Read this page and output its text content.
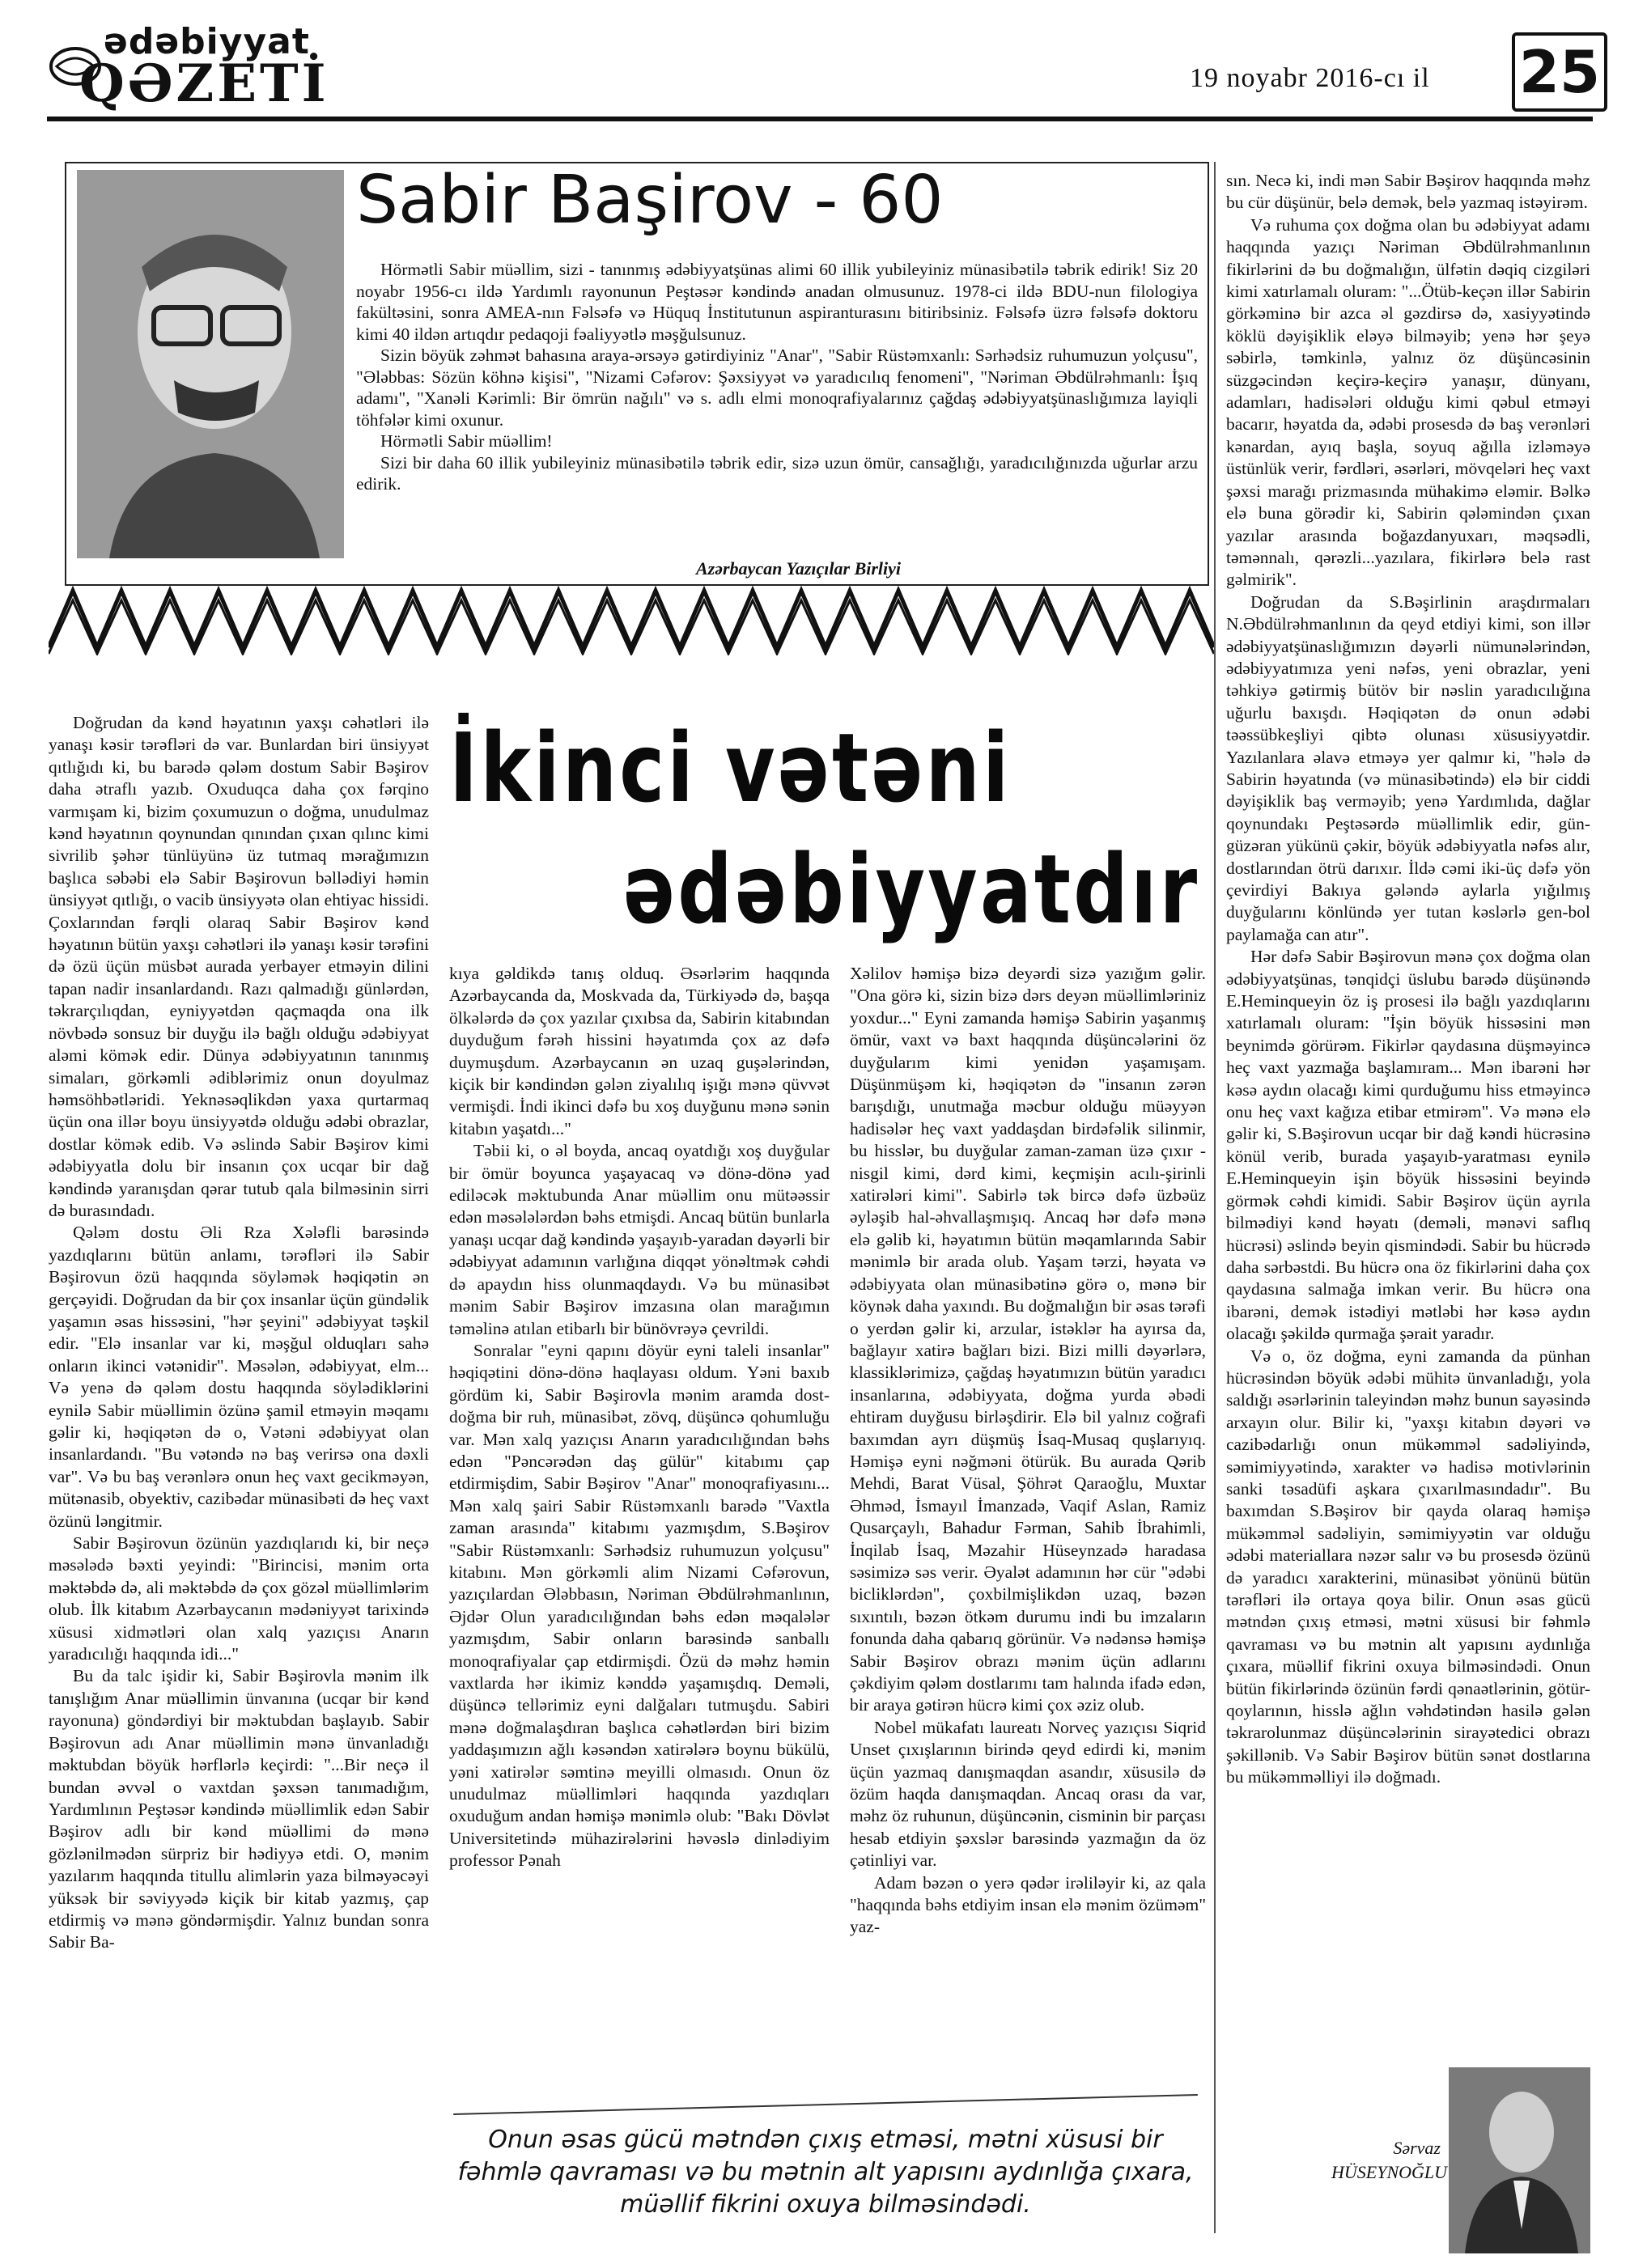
ədəbiyyat
QƏZETİ	19 noyabr 2016-cı il 25
Sabir Başirov - 60

Hörmətli Sabir müəllim, sizi - tanınmış ədəbiyyatşünas alimi 60 illik yubileyiniz münasibətilə təbrik edirik! Siz 20 noyabr 1956-cı ildə Yardımlı rayonunun Peştəsər kəndində anadan olmusunuz. 1978-ci ildə BDU-nun filologiya fakültəsini, sonra AMEA-nın Fəlsəfə və Hüquq İnstitutunun aspiranturasını bitiribsiniz. Fəlsəfə üzrə fəlsəfə doktoru kimi 40 ildən artıqdır pedaqoji fəaliyyətlə məşğulsunuz.

Sizin böyük zəhmət bahasına araya-ərsəyə gətirdiyiniz "Anar", "Sabir Rüstəmxanlı: Sərhədsiz ruhumuzun yolçusu", "Ələbbas: Sözün köhnə kişisi", "Nizami Cəfərov: Şəxsiyyət və yaradıcılıq fenomeni", "Nəriman Əbdülrəhmanlı: İşıq adamı", "Xanəli Kərimli: Bir ömrün nağılı" və s. adlı elmi monoqrafiyalarınız çağdaş ədəbiyyatşünaslığımıza layiqli töhfələr kimi oxunur.

Hörmətli Sabir müəllim!

Sizi bir daha 60 illik yubileyiniz münasibətilə təbrik edir, sizə uzun ömür, cansağlığı, yaradıcılığınızda uğurlar arzu edirik.

Azərbaycan Yazıçılar Birliyi
İkinci vətəni
ədəbiyyatdır

Doğrudan da kənd həyatının yaxşı cəhətləri ilə yanaşı kəsir tərəfləri də var. Bunlardan biri ünsiyyət qıtlığıdı ki, bu barədə qələm dostum Sabir Bəşirov daha ətraflı yazıb. Oxuduqca daha çox fərqino varmışam ki, bizim çoxumuzun o doğma, unudulmaz kənd həyatının qoynundan qınından çıxan qılınc kimi sivrilib şəhər tünlüyünə üz tutmaq mərağımızın başlıca səbəbi elə Sabir Bəşirovun bəllədiyi həmin ünsiyyət qıtlığı, o vacib ünsiyyətə olan ehtiyac hissidi. Çoxlarından fərqli olaraq Sabir Bəşirov kənd həyatının bütün yaxşı cəhətləri ilə yanaşı kəsir tərəfini də özü üçün müsbət aurada yerbayer etməyin dilini tapan nadir insanlardandı. Razı qalmadığı günlərdən, təkrarçılıqdan, eyniyyətdən qaçmaqda ona ilk növbədə sonsuz bir duyğu ilə bağlı olduğu ədəbiyyat aləmi kömək edir. Dünya ədəbiyyatının tanınmış simaları, görkəmli ədiblərimiz onun doyulmaz həmsöhbətləridi. Yeknəsəqlikdən yaxa qurtarmaq üçün ona illər boyu ünsiyyətdə olduğu ədəbi obrazlar, dostlar kömək edib. Və əslində Sabir Bəşirov kimi ədəbiyyatla dolu bir insanın çox ucqar bir dağ kəndində yaranışdan qərar tutub qala bilməsinin sirri də burasındadı.

Qələm dostu Əli Rza Xələfli barəsində yazdıqlarını bütün anlamı, tərəfləri ilə Sabir Bəşirovun özü haqqında söyləmək həqiqətin ən gerçəyidi. Doğrudan da bir çox insanlar üçün gündəlik yaşamın əsas hissəsini, "hər şeyini" ədəbiyyat təşkil edir. "Elə insanlar var ki, məşğul olduqları sahə onların ikinci vətənidir". Məsələn, ədəbiyyat, elm... Və yenə də qələm dostu haqqında söylədiklərini eynilə Sabir müəllimin özünə şamil etməyin məqamı gəlir ki, həqiqətən də o, Vətəni ədəbiyyat olan insanlardandı. "Bu vətəndə nə baş verirsə ona dəxli var". Və bu baş verənlərə onun heç vaxt gecikməyən, mütənasib, obyektiv, cazibədar münasibəti də heç vaxt özünü ləngitmir.

Sabir Bəşirovun özünün yazdıqlarıdı ki, bir neçə məsələdə bəxti yeyindi: "Birincisi, mənim orta məktəbdə də, ali məktəbdə də çox gözəl müəllimlərim olub. İlk kitabım Azərbaycanın mədəniyyət tarixində xüsusi xidmətləri olan xalq yazıçısı Anarın yaradıcılığı haqqında idi..."

Bu da talc işidir ki, Sabir Bəşirovla mənim ilk tanışlığım Anar müəllimin ünvanına (ucqar bir kənd rayonuna) göndərdiyi bir məktubdan başlayıb. Sabir Bəşirovun adı Anar müəllimin mənə ünvanladığı məktubdan böyük hərflərlə keçirdi: "...Bir neçə il bundan əvvəl o vaxtdan şəxsən tanımadığım, Yardımlının Peştəsər kəndində müəllimlik edən Sabir Bəşirov adlı bir kənd müəllimi də mənə gözlənilmədən sürpriz bir hədiyyə etdi. O, mənim yazılarım haqqında titullu alimlərin yaza bilməyəcəyi yüksək bir səviyyədə kiçik bir kitab yazmış, çap etdirmiş və mənə göndərmişdir. Yalnız bundan sonra Sabir Ba-

kıya gəldikdə tanış olduq. Əsərlərim haqqında Azərbaycanda da, Moskvada da, Türkiyədə də, başqa ölkələrdə də çox yazılar çıxıbsa da, Sabirin kitabından duyduğum fərəh hissini həyatımda çox az dəfə duymuşdum. Azərbaycanın ən uzaq guşələrindən, kiçik bir kəndindən gələn ziyalılıq işığı mənə qüvvət vermişdi. İndi ikinci dəfə bu xoş duyğunu mənə sənin kitabın yaşatdı..."

Təbii ki, o əl boyda, ancaq oyatdığı xoş duyğular bir ömür boyunca yaşayacaq və dönə-dönə yad ediləcək məktubunda Anar müəllim onu mütəəssir edən məsələlərdən bəhs etmişdi. Ancaq bütün bunlarla yanaşı ucqar dağ kəndində yaşayıb-yaradan dəyərli bir ədəbiyyat adamının varlığına diqqət yönəltmək cəhdi də apaydın hiss olunmaqdaydı. Və bu münasibət mənim Sabir Bəşirov imzasına olan marağımın təməlinə atılan etibarlı bir bünövrəyə çevrildi.

Sonralar "eyni qapını döyür eyni taleli insanlar" həqiqətini dönə-dönə haqlayası oldum. Yəni baxıb gördüm ki, Sabir Bəşirovla mənim aramda dost-doğma bir ruh, münasibət, zövq, düşüncə qohumluğu var. Mən xalq yazıçısı Anarın yaradıcılığından bəhs edən "Pəncərədən daş gülür" kitabımı çap etdirmişdim, Sabir Bəşirov "Anar" monoqrafiyasını... Mən xalq şairi Sabir Rüstəmxanlı barədə "Vaxtla zaman arasında" kitabımı yazmışdım, S.Bəşirov "Sabir Rüstəmxanlı: Sərhədsiz ruhumuzun yolçusu" kitabını. Mən görkəmli alim Nizami Cəfərovun, yazıçılardan Ələbbasın, Nəriman Əbdülrəhmanlının, Əjdər Olun yaradıcılığından bəhs edən məqalələr yazmışdım, Sabir onların barəsində sanballı monoqrafiyalar çap etdirmişdi. Özü də məhz həmin vaxtlarda hər ikimiz kənddə yaşamışdıq. Deməli, düşüncə tellərimiz eyni dalğaları tutmuşdu. Sabiri mənə doğmalaşdıran başlıca cəhətlərdən biri bizim yaddaşımızın ağlı kəsəndən xatirələrə boynu bükülü, yəni xatirələr səmtinə meyilli olmasıdı. Onun öz unudulmaz müəllimləri haqqında yazdıqları oxuduğum andan həmişə mənimlə olub: "Bakı Dövlət Universitetində mühazirələrini həvəslə dinlədiyim professor Pənah

Xəlilov həmişə bizə deyərdi sizə yazığım gəlir. "Ona görə ki, sizin bizə dərs deyən müəllimləriniz yoxdur..." Eyni zamanda həmişə Sabirin yaşanmış ömür, vaxt və baxt haqqında düşüncələrini öz duyğularım kimi yenidən yaşamışam. Düşünmüşəm ki, həqiqətən də "insanın zərən barışdığı, unutmağa məcbur olduğu müəyyən hadisələr heç vaxt yaddaşdan birdəfəlik silinmir, bu hisslər, bu duyğular zaman-zaman üzə çıxır - nisgil kimi, dərd kimi, keçmişin acılı-şirinli xatirələri kimi". Sabirlə tək bircə dəfə üzbəüz əyləşib hal-əhvallaşmışıq. Ancaq hər dəfə mənə elə gəlib ki, həyatımın bütün məqamlarında Sabir mənimlə bir arada olub. Yaşam tərzi, həyata və ədəbiyyata olan münasibətinə görə o, mənə bir köynək daha yaxındı. Bu doğmalığın bir əsas tərəfi o yerdən gəlir ki, arzular, istəklər ha ayırsa da, bağlayır xatirə bağları bizi. Bizi milli dəyərlərə, klassiklərimizə, çağdaş həyatımızın bütün yaradıcı insanlarına, ədəbiyyata, doğma yurda əbədi ehtiram duyğusu birləşdirir. Elə bil yalnız coğrafi baxımdan ayrı düşmüş İsaq-Musaq quşlarıyıq. Həmişə eyni nəğməni ötürük. Bu aurada Qərib Mehdi, Barat Vüsal, Şöhrət Qaraoğlu, Muxtar Əhməd, İsmayıl İmanzadə, Vaqif Aslan, Ramiz Qusarçaylı, Bahadur Fərman, Sahib İbrahimli, İnqilab İsaq, Məzahir Hüseynzadə haradasa səsimizə səs verir. Əyalət adamının hər cür "ədəbi bicliklərdən", çoxbilmişlikdən uzaq, bəzən sıxıntılı, bəzən ötkəm durumu indi bu imzaların fonunda daha qabarıq görünür. Və nədənsə həmişə Sabir Bəşirov obrazı mənim üçün adlarını çəkdiyim qələm dostlarımı tam halında ifadə edən, bir araya gətirən hücrə kimi çox əziz olub.

Nobel mükafatı laureatı Norveç yazıçısı Siqrid Unset çıxışlarının birində qeyd edirdi ki, mənim üçün yazmaq danışmaqdan asandır, xüsusilə də özüm haqda danışmaqdan. Ancaq orası da var, məhz öz ruhunun, düşüncənin, cisminin bir parçası hesab etdiyin şəxslər barəsində yazmağın da öz çətinliyi var.

Adam bəzən o yerə qədər irəliləyir ki, az qala "haqqında bəhs etdiyim insan elə mənim özüməm" yaz-

sın. Necə ki, indi mən Sabir Bəşirov haqqında məhz bu cür düşünür, belə demək, belə yazmaq istəyirəm.

Və ruhuma çox doğma olan bu ədəbiyyat adamı haqqında yazıçı Nəriman Əbdülrəhmanlının fikirlərini də bu doğmalığın, ülfətin dəqiq cizgiləri kimi xatırlamalı oluram: "...Ötüb-keçən illər Sabirin görkəminə bir azca əl gəzdirsə də, xasiyyətində köklü dəyişiklik eləyə bilməyib; yenə hər şeyə səbirlə, təmkinlə, yalnız öz düşüncəsinin süzgəcindən keçirə-keçirə yanaşır, dünyanı, adamları, hadisələri olduğu kimi qəbul etməyi bacarır, həyatda da, ədəbi prosesdə də baş verənləri kənardan, ayıq başla, soyuq ağılla izləməyə üstünlük verir, fərdləri, əsərləri, mövqeləri heç vaxt şəxsi marağı prizmasında mühakimə eləmir. Bəlkə elə buna görədir ki, Sabirin qələmindən çıxan yazılar arasında boğazdanyuxarı, məqsədli, təmənnalı, qərəzli...yazılara, fikirlərə belə rast gəlmirik".

Doğrudan da S.Bəşirlinin araşdırmaları N.Əbdülrəhmanlının da qeyd etdiyi kimi, son illər ədəbiyyatşünaslığımızın dəyərli nümunələrindən, ədəbiyyatımıza yeni nəfəs, yeni obrazlar, yeni təhkiyə gətirmiş bütöv bir nəslin yaradıcılığına uğurlu baxışdı. Həqiqətən də onun ədəbi təəssübkeşliyi qibtə olunası xüsusiyyətdir. Yazılanlara əlavə etməyə yer qalmır ki, "hələ də Sabirin həyatında (və münasibətində) elə bir ciddi dəyişiklik baş verməyib; yenə Yardımlıda, dağlar qoynundakı Peştəsərdə müəllimlik edir, gün-güzəran yükünü çəkir, böyük ədəbiyyatla nəfəs alır, dostlarından ötrü darıxır. İldə cəmi iki-üç dəfə yön çevirdiyi Bakıya gələndə aylarla yığılmış duyğularını könlündə yer tutan kəslərlə gen-bol paylamağa can atır".

Hər dəfə Sabir Bəşirovun mənə çox doğma olan ədəbiyyatşünas, tənqidçi üslubu barədə düşünəndə E.Heminqueyin öz iş prosesi ilə bağlı yazdıqlarını xatırlamalı oluram: "İşin böyük hissəsini mən beynimdə görürəm. Fikirlər qaydasına düşməyincə heç vaxt yazmağa başlamıram... Mən ibarəni hər kəsə aydın olacağı kimi qurduğumu hiss etməyincə onu heç vaxt kağıza etibar etmirəm". Və mənə elə gəlir ki, S.Bəşirovun ucqar bir dağ kəndi hücrəsinə könül verib, burada yaşayıb-yaratması eynilə E.Heminqueyin işin böyük hissəsini beyində görmək cəhdi kimidi. Sabir Bəşirov üçün ayrıla bilmədiyi kənd həyatı (deməli, mənəvi saflıq hücrəsi) əslində beyin qismindədi. Sabir bu hücrədə daha sərbəstdi. Bu hücrə ona öz fikirlərini daha çox qaydasına salmağa imkan verir. Bu hücrə ona ibarəni, demək istədiyi mətləbi hər kəsə aydın olacağı şəkildə qurmağa şərait yaradır.

Və o, öz doğma, eyni zamanda da pünhan hücrəsindən böyük ədəbi mühitə ünvanladığı, yola saldığı əsərlərinin taleyindən məhz bunun sayəsində arxayın olur. Bilir ki, "yaxşı kitabın dəyəri və cazibədarlığı onun mükəmməl sadəliyində, səmimiyyətində, xarakter və hadisə motivlərinin sanki təsadüfi aşkara çıxarılmasındadır". Bu baxımdan S.Bəşirov bir qayda olaraq həmişə mükəmməl sadəliyin, səmimiyyətin var olduğu ədəbi materiallara nəzər salır və bu prosesdə özünü də yaradıcı xarakterini, münasibət yönünü bütün tərəfləri ilə ortaya qoya bilir. Onun əsas gücü mətndən çıxış etməsi, mətni xüsusi bir fəhmlə qavraması və bu mətnin alt yapısını aydınlığa çıxara, müəllif fikrini oxuya bilməsindədi. Onun bütün fikirlərində özünün fərdi qənaətlərinin, götür-qoylarının, hisslə ağlın vəhdətindən hasilə gələn təkrarolunmaz düşüncələrinin sirayətedici obrazı şəkillənib. Və Sabir Bəşirov bütün sənət dostlarına bu mükəmməlliyi ilə doğmadı.

Onun əsas gücü mətndən çıxış etməsi, mətni xüsusi bir fəhmlə qavraması və bu mətnin alt yapısını aydınlığa çıxara, müəllif fikrini oxuya bilməsindədi.
Sərvaz
HÜSEYNOĞLU
